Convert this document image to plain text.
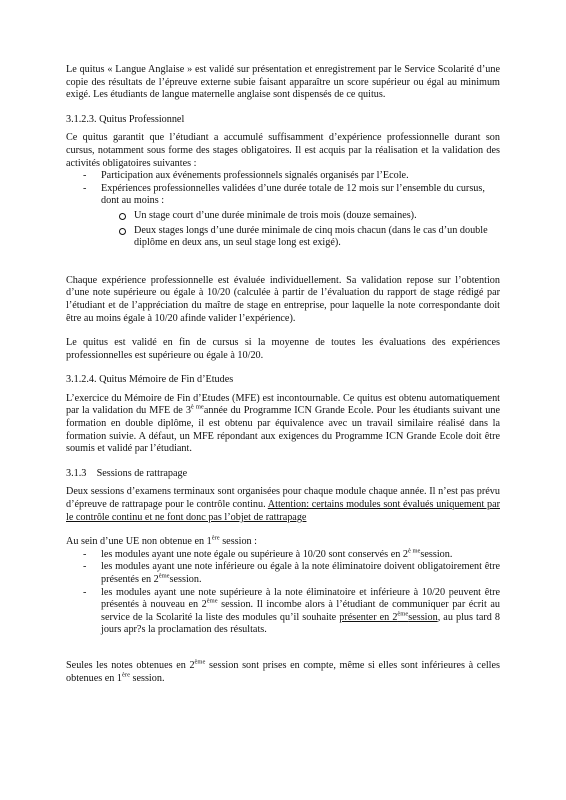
Le quitus « Langue Anglaise » est validé sur présentation et enregistrement par le Service Scolarité d’une copie des résultats de l’épreuve externe subie faisant apparaître un score supérieur ou égal au minimum exigé. Les étudiants de langue maternelle anglaise sont dispensés de ce quitus.

3.1.2.3. Quitus Professionnel

Ce quitus garantit que l’étudiant a accumulé suffisamment d’expérience professionnelle durant son cursus, notamment sous forme des stages obligatoires. Il est acquis par la réalisation et la validation des activités obligatoires suivantes :

- Participation aux événements professionnels signalés organisés par l’Ecole.
- Expériences professionnelles validées d’une durée totale de 12 mois sur l’ensemble du cursus, dont au moins :
Un stage court d’une durée minimale de trois mois (douze semaines).
Deux stages longs d’une durée minimale de cinq mois chacun (dans le cas d’un double diplôme en deux ans, un seul stage long est exigé).

Chaque expérience professionnelle est évaluée individuellement. Sa validation repose sur l’obtention d’une note supérieure ou égale à 10/20 (calculée à partir de l’évaluation du rapport de stage rédigé par l’étudiant et de l’appréciation du maître de stage en entreprise, pour laquelle la note correspondante doit être au moins égale à 10/20 afinde valider l’expérience).

Le quitus est validé en fin de cursus si la moyenne de toutes les évaluations des expériences professionnelles est supérieure ou égale à 10/20.

3.1.2.4. Quitus Mémoire de Fin d’Etudes

L’exercice du Mémoire de Fin d’Etudes (MFE) est incontournable. Ce quitus est obtenu automatiquement par la validation du MFE de $3^{è me}année$ du Programme ICN Grande Ecole. Pour les étudiants suivant une formation en double diplôme, il est obtenu par équivalence avec un travail similaire réalisé dans la formation suivie. A défaut, un MFE répondant aux exigences du Programme ICN Grande Ecole doit être soumis et validé par l’étudiant.

3.1.3 Sessions de rattrapage

Deux sessions d’examens terminaux sont organisées pour chaque module chaque année. Il n’est pas prévu d’épreuve de rattrapage pour le contrôle continu. Attention: certains modules sont évalués uniquement par le contrôle continu et ne font donc pas l’objet de rattrapage

Au sein d’une UE non obtenue en 1ère session :

- les modules ayant une note égale ou supérieure à 10/20 sont conservés en $2^{è me}session$.
- les modules ayant une note inférieure ou égale à la note éliminatoire doivent obligatoirement être présentés en 2èmesession.
- les modules ayant une note supérieure à la note éliminatoire et inférieure à 10/20 peuvent être présentés à nouveau en 2ème session. Il incombe alors à l’étudiant de communiquer par écrit au service de la Scolarité la liste des modules qu’il souhaite présenter en 2èmesession, au plus tard 8 jours apr?s la proclamation des résultats.

Seules les notes obtenues en 2ème session sont prises en compte, même si elles sont inférieures à celles obtenues en 1ère session.
